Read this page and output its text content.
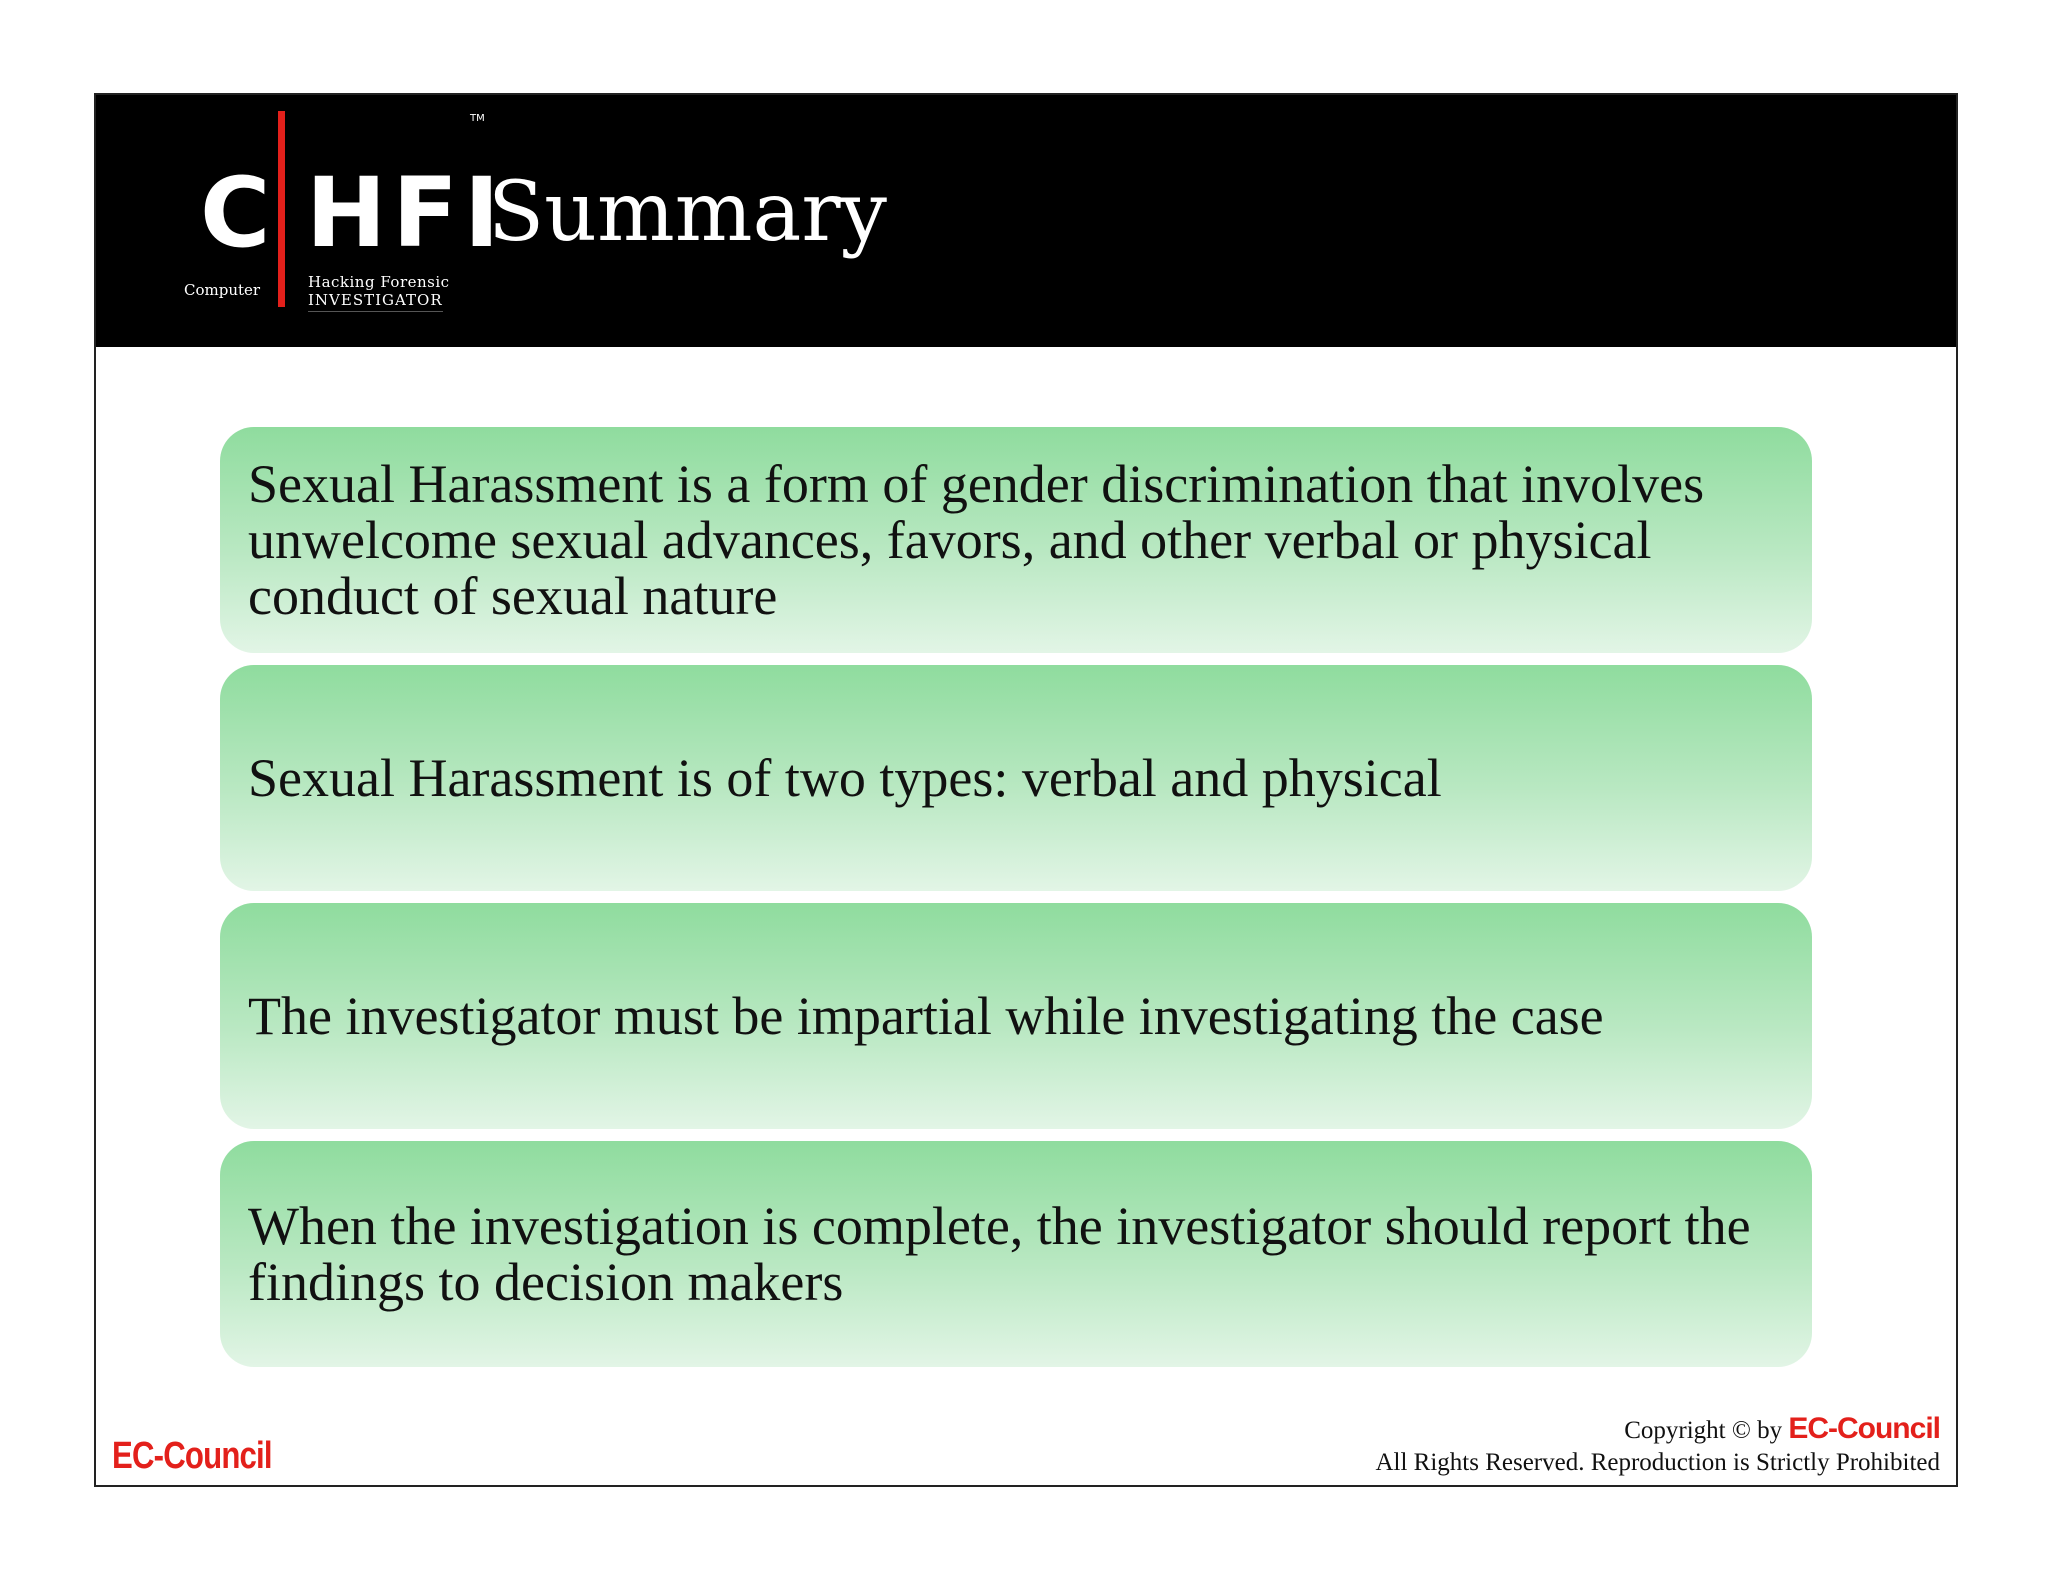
C HFI
TM
Computer	Hacking Forensic
INVESTIGATOR
Summary
Sexual Harassment is a form of gender discrimination that involves unwelcome sexual advances, favors, and other verbal or physical conduct of sexual nature
Sexual Harassment is of two types: verbal and physical
The investigator must be impartial while investigating the case
When the investigation is complete, the investigator should report the findings to decision makers
EC-Council
Copyright © by EC-Council
All Rights Reserved. Reproduction is Strictly Prohibited
